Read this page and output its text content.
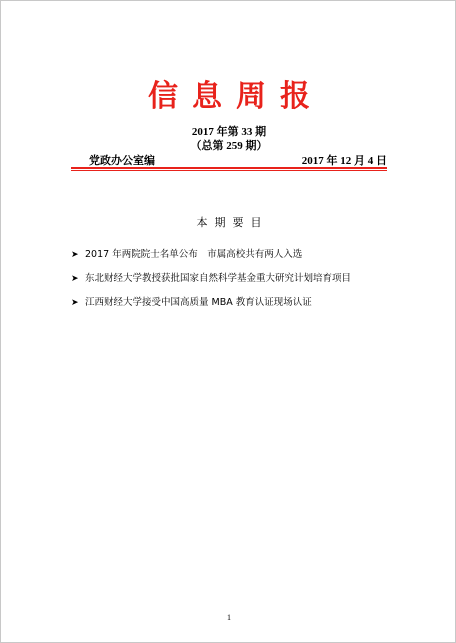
信息周报
2017 年第 33 期
（总第 259 期）
党政办公室编	2017 年 12 月 4 日
本期要目
➤ 2017 年两院院士名单公布　市属高校共有两人入选
➤ 东北财经大学教授获批国家自然科学基金重大研究计划培育项目
➤ 江西财经大学接受中国高质量 MBA 教育认证现场认证
1
